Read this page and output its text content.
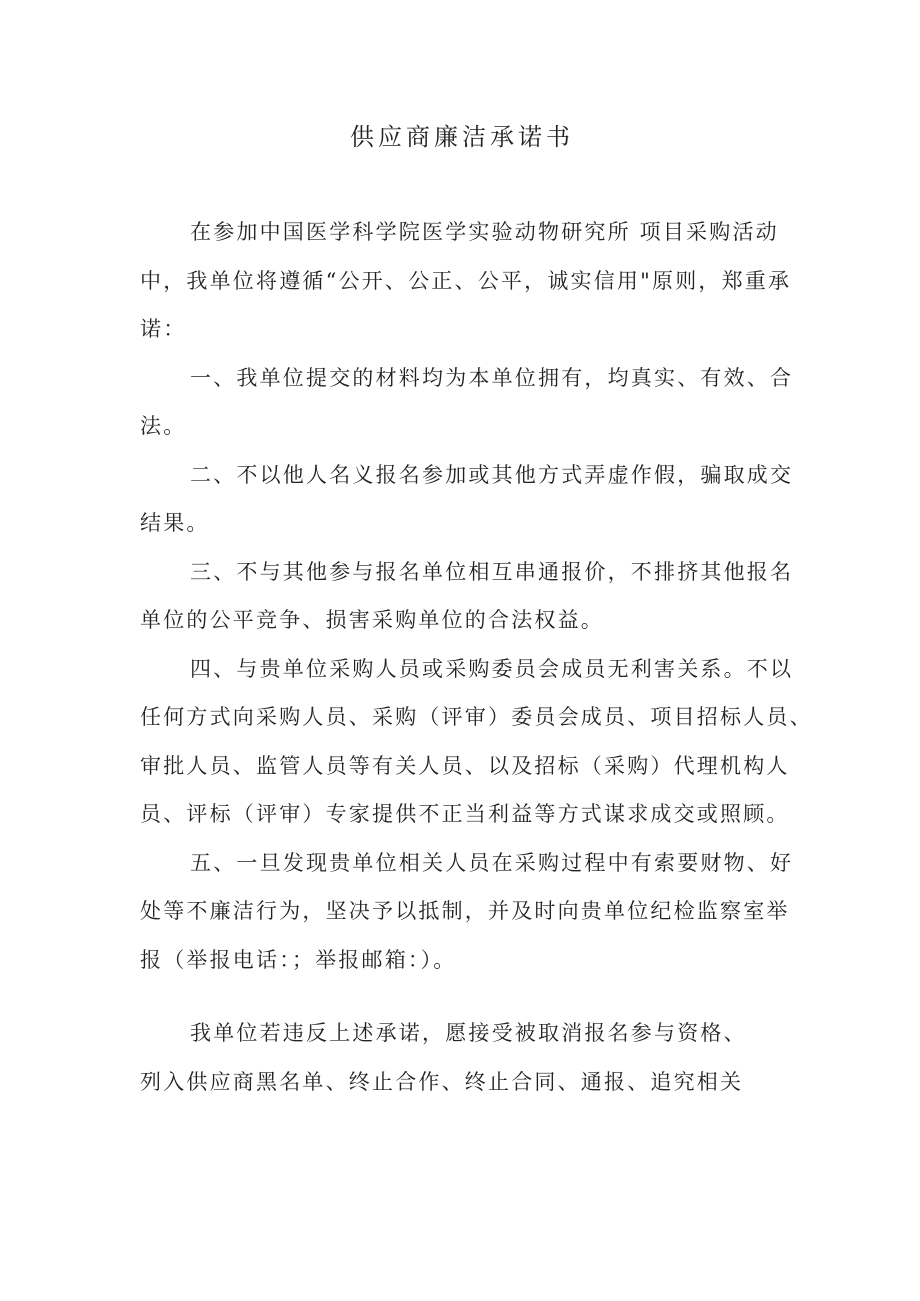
供应商廉洁承诺书
在参加中国医学科学院医学实验动物研究所 项目采购活动
中，我单位将遵循“公开、公正、公平，诚实信用"原则，郑重承
诺：
一、我单位提交的材料均为本单位拥有，均真实、有效、合
法。
二、不以他人名义报名参加或其他方式弄虚作假，骗取成交
结果。
三、不与其他参与报名单位相互串通报价，不排挤其他报名
单位的公平竞争、损害采购单位的合法权益。
四、与贵单位采购人员或采购委员会成员无利害关系。不以
任何方式向采购人员、采购（评审）委员会成员、项目招标人员、
审批人员、监管人员等有关人员、以及招标（采购）代理机构人
员、评标（评审）专家提供不正当利益等方式谋求成交或照顾。
五、一旦发现贵单位相关人员在采购过程中有索要财物、好
处等不廉洁行为，坚决予以抵制，并及时向贵单位纪检监察室举
报（举报电话：；举报邮箱：）。
我单位若违反上述承诺，愿接受被取消报名参与资格、
列入供应商黑名单、终止合作、终止合同、通报、追究相关
